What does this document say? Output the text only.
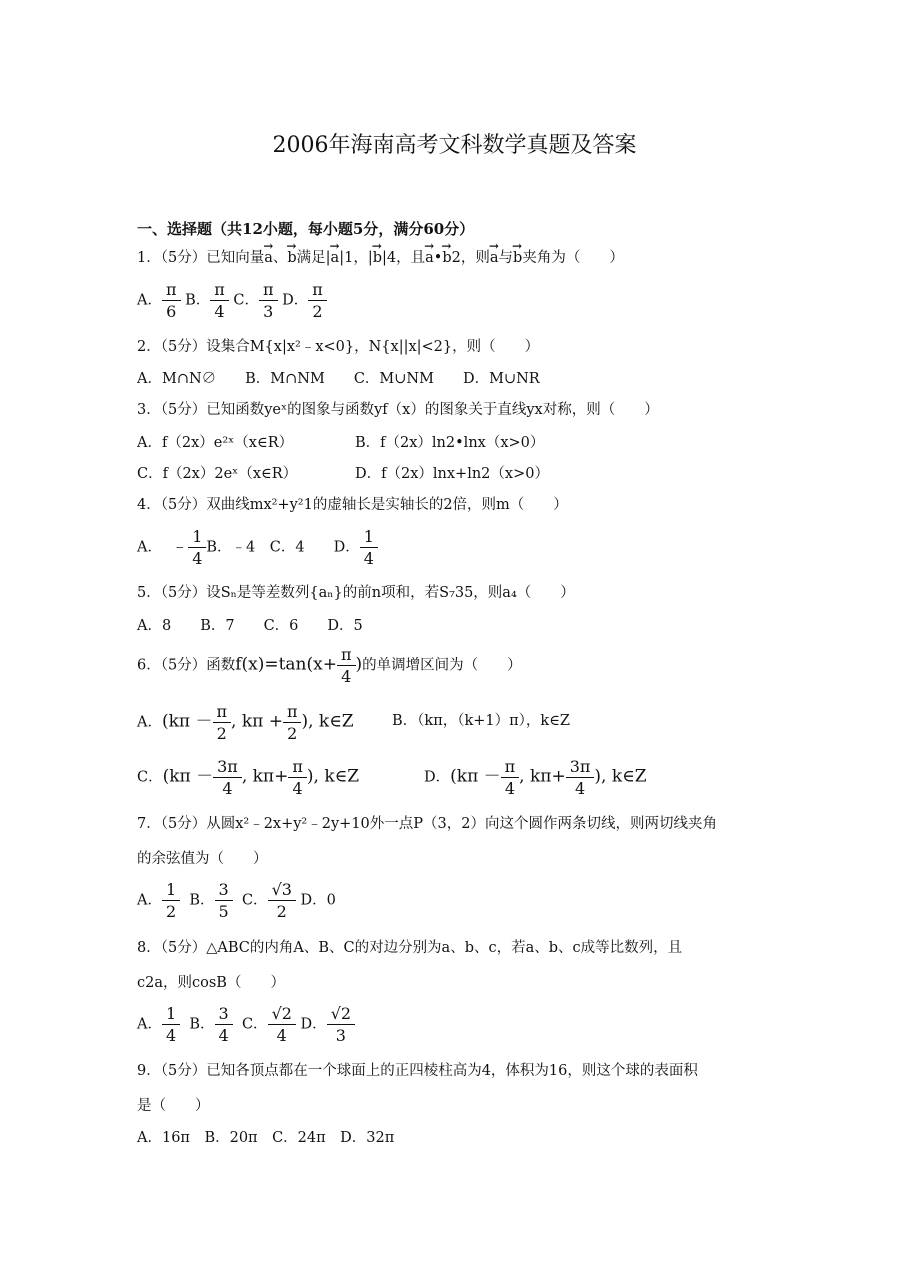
2006年海南高考文科数学真题及答案
一、选择题（共12小题，每小题5分，满分60分）
1．（5分）已知向量→ a、→ b满足|→ a|1，|→ b|4，且→ a•→ b2，则→ a与→ b夹角为（　　）
A． $\frac{\pi}{6}$ B． $\frac{\pi}{4}$ C． $\frac{\pi}{3}$ D． $\frac{\pi}{2}$
2．（5分）设集合M{x|x²﹣x<0}，N{x||x|<2}，则（　　）
A．M∩N∅　　B．M∩NM　　C．M∪NM　　D．M∪NR
3．（5分）已知函数yeˣ的图象与函数yf（x）的图象关于直线yx对称，则（　　）
A．f（2x）e²ˣ（x∈R）	B．f（2x）ln2•lnx（x>0）
C．f（2x）2eˣ（x∈R）	D．f（2x）lnx+ln2（x>0）
4．（5分）双曲线mx²+y²1的虚轴长是实轴长的2倍，则m（　　）
A． ﹣ $\frac{1}{4}$ B．﹣4　C．4　　D． $\frac{1}{4}$
5．（5分）设Sₙ是等差数列{aₙ}的前n项和，若S₇35，则a₄（　　）
A．8　　B．7　　C．6　　D．5
6．（5分）函数$f(x)=\tan(x+ \frac{\pi}{4}$ )的单调增区间为（　　）
A．($k\pi - \frac{\pi}{2}$ , $k\pi + \frac{\pi}{2}$ ), k∈Z	B．（kπ，（k+1）π），k∈Z
C．($k\pi - \frac{3\pi}{4}$ , $k\pi+ \frac{\pi}{4}$ ), k∈Z	D．($k\pi - \frac{\pi}{4}$ , $k\pi+ \frac{3\pi}{4}$ ), k∈Z
7．（5分）从圆x²﹣2x+y²﹣2y+10外一点P（3，2）向这个圆作两条切线，则两切线夹角
的余弦值为（　　）
A． $\frac{1}{2}$ B． $\frac{3}{5}$ C． $\frac{√3}{2}$ D．0
8．（5分）△ABC的内角A、B、C的对边分别为a、b、c，若a、b、c成等比数列，且
c2a，则cosB（　　）
A． $\frac{1}{4}$ B． $\frac{3}{4}$ C． $\frac{√2}{4}$ D． $\frac{√2}{3}$
9．（5分）已知各顶点都在一个球面上的正四棱柱高为4，体积为16，则这个球的表面积
是（　　）
A．16π　B．20π　C．24π　D．32π
